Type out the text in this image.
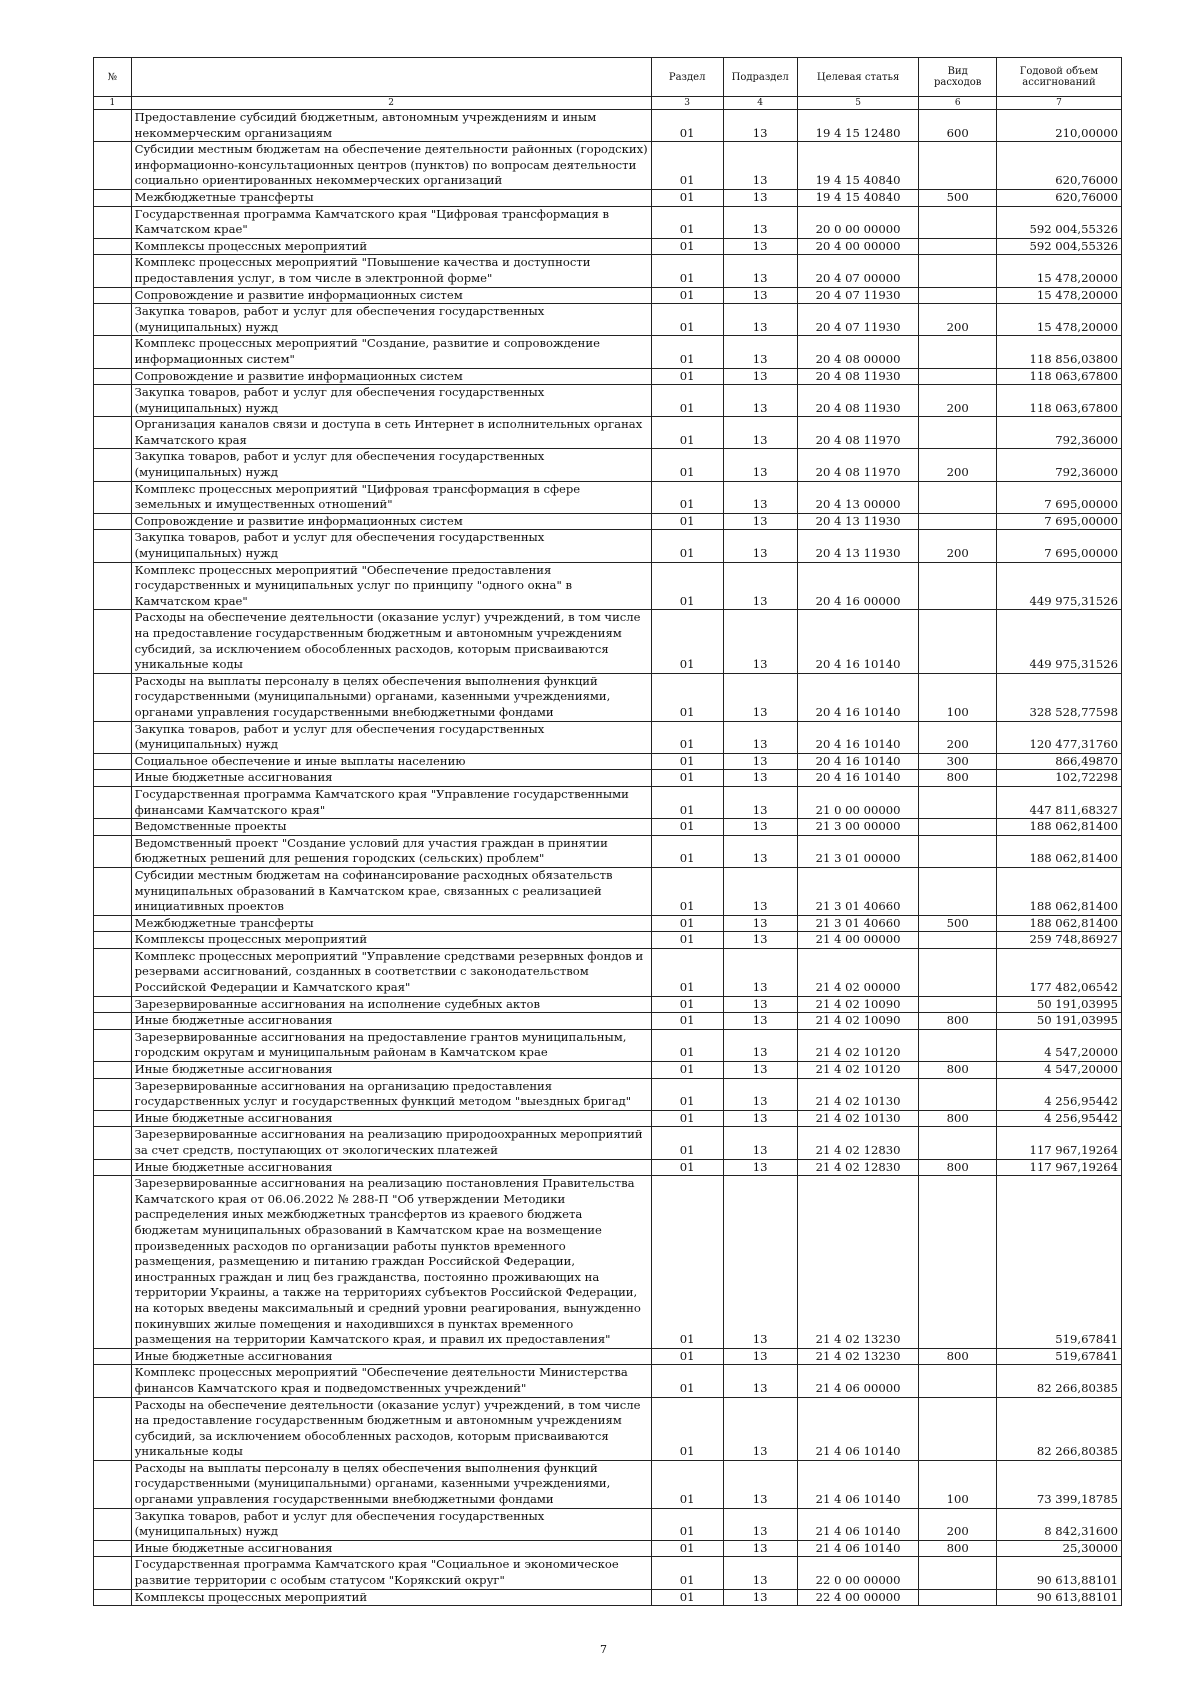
№		Раздел	Подраздел	Целевая статья	Вид расходов	Годовой объем ассигнований
1	2	3	4	5	6	7
	Предоставление субсидий бюджетным, автономным учреждениям и иным некоммерческим организациям	01	13	19 4 15 12480	600	210,00000
	Субсидии местным бюджетам на обеспечение деятельности районных (городских) информационно-консультационных центров (пунктов) по вопросам деятельности социально ориентированных некоммерческих организаций	01	13	19 4 15 40840		620,76000
	Межбюджетные трансферты	01	13	19 4 15 40840	500	620,76000
	Государственная программа Камчатского края "Цифровая трансформация в Камчатском крае"	01	13	20 0 00 00000		592 004,55326
	Комплексы процессных мероприятий	01	13	20 4 00 00000		592 004,55326
	Комплекс процессных мероприятий "Повышение качества и доступности предоставления услуг, в том числе в электронной форме"	01	13	20 4 07 00000		15 478,20000
	Сопровождение и развитие информационных систем	01	13	20 4 07 11930		15 478,20000
	Закупка товаров, работ и услуг для обеспечения государственных (муниципальных) нужд	01	13	20 4 07 11930	200	15 478,20000
	Комплекс процессных мероприятий "Создание, развитие и сопровождение информационных систем"	01	13	20 4 08 00000		118 856,03800
	Сопровождение и развитие информационных систем	01	13	20 4 08 11930		118 063,67800
	Закупка товаров, работ и услуг для обеспечения государственных (муниципальных) нужд	01	13	20 4 08 11930	200	118 063,67800
	Организация каналов связи и доступа в сеть Интернет в исполнительных органах Камчатского края	01	13	20 4 08 11970		792,36000
	Закупка товаров, работ и услуг для обеспечения государственных (муниципальных) нужд	01	13	20 4 08 11970	200	792,36000
	Комплекс процессных мероприятий "Цифровая трансформация в сфере земельных и имущественных отношений"	01	13	20 4 13 00000		7 695,00000
	Сопровождение и развитие информационных систем	01	13	20 4 13 11930		7 695,00000
	Закупка товаров, работ и услуг для обеспечения государственных (муниципальных) нужд	01	13	20 4 13 11930	200	7 695,00000
	Комплекс процессных мероприятий "Обеспечение предоставления государственных и муниципальных услуг по принципу "одного окна" в Камчатском крае"	01	13	20 4 16 00000		449 975,31526
	Расходы на обеспечение деятельности (оказание услуг) учреждений, в том числе на предоставление государственным бюджетным и автономным учреждениям субсидий, за исключением обособленных расходов, которым присваиваются уникальные коды	01	13	20 4 16 10140		449 975,31526
	Расходы на выплаты персоналу в целях обеспечения выполнения функций государственными (муниципальными) органами, казенными учреждениями, органами управления государственными внебюджетными фондами	01	13	20 4 16 10140	100	328 528,77598
	Закупка товаров, работ и услуг для обеспечения государственных (муниципальных) нужд	01	13	20 4 16 10140	200	120 477,31760
	Социальное обеспечение и иные выплаты населению	01	13	20 4 16 10140	300	866,49870
	Иные бюджетные ассигнования	01	13	20 4 16 10140	800	102,72298
	Государственная программа Камчатского края "Управление государственными финансами Камчатского края"	01	13	21 0 00 00000		447 811,68327
	Ведомственные проекты	01	13	21 3 00 00000		188 062,81400
	Ведомственный проект "Создание условий для участия граждан в принятии бюджетных решений для решения городских (сельских) проблем"	01	13	21 3 01 00000		188 062,81400
	Субсидии местным бюджетам на софинансирование расходных обязательств муниципальных образований в Камчатском крае, связанных с реализацией инициативных проектов	01	13	21 3 01 40660		188 062,81400
	Межбюджетные трансферты	01	13	21 3 01 40660	500	188 062,81400
	Комплексы процессных мероприятий	01	13	21 4 00 00000		259 748,86927
	Комплекс процессных мероприятий "Управление средствами резервных фондов и резервами ассигнований, созданных в соответствии с законодательством Российской Федерации и Камчатского края"	01	13	21 4 02 00000		177 482,06542
	Зарезервированные ассигнования на исполнение судебных актов	01	13	21 4 02 10090		50 191,03995
	Иные бюджетные ассигнования	01	13	21 4 02 10090	800	50 191,03995
	Зарезервированные ассигнования на предоставление грантов муниципальным, городским округам и муниципальным районам в Камчатском крае	01	13	21 4 02 10120		4 547,20000
	Иные бюджетные ассигнования	01	13	21 4 02 10120	800	4 547,20000
	Зарезервированные ассигнования на организацию предоставления государственных услуг и государственных функций методом "выездных бригад"	01	13	21 4 02 10130		4 256,95442
	Иные бюджетные ассигнования	01	13	21 4 02 10130	800	4 256,95442
	Зарезервированные ассигнования на реализацию природоохранных мероприятий за счет средств, поступающих от экологических платежей	01	13	21 4 02 12830		117 967,19264
	Иные бюджетные ассигнования	01	13	21 4 02 12830	800	117 967,19264
	Зарезервированные ассигнования на реализацию постановления Правительства Камчатского края от 06.06.2022 № 288-П "Об утверждении Методики распределения иных межбюджетных трансфертов из краевого бюджета бюджетам муниципальных образований в Камчатском крае на возмещение произведенных расходов по организации работы пунктов временного размещения, размещению и питанию граждан Российской Федерации, иностранных граждан и лиц без гражданства, постоянно проживающих на территории Украины, а также на территориях субъектов Российской Федерации, на которых введены максимальный и средний уровни реагирования, вынужденно покинувших жилые помещения и находившихся в пунктах временного размещения на территории Камчатского края, и правил их предоставления"	01	13	21 4 02 13230		519,67841
	Иные бюджетные ассигнования	01	13	21 4 02 13230	800	519,67841
	Комплекс процессных мероприятий "Обеспечение деятельности Министерства финансов Камчатского края и подведомственных учреждений"	01	13	21 4 06 00000		82 266,80385
	Расходы на обеспечение деятельности (оказание услуг) учреждений, в том числе на предоставление государственным бюджетным и автономным учреждениям субсидий, за исключением обособленных расходов, которым присваиваются уникальные коды	01	13	21 4 06 10140		82 266,80385
	Расходы на выплаты персоналу в целях обеспечения выполнения функций государственными (муниципальными) органами, казенными учреждениями, органами управления государственными внебюджетными фондами	01	13	21 4 06 10140	100	73 399,18785
	Закупка товаров, работ и услуг для обеспечения государственных (муниципальных) нужд	01	13	21 4 06 10140	200	8 842,31600
	Иные бюджетные ассигнования	01	13	21 4 06 10140	800	25,30000
	Государственная программа Камчатского края "Социальное и экономическое развитие территории с особым статусом "Корякский округ"	01	13	22 0 00 00000		90 613,88101
	Комплексы процессных мероприятий	01	13	22 4 00 00000		90 613,88101
7
